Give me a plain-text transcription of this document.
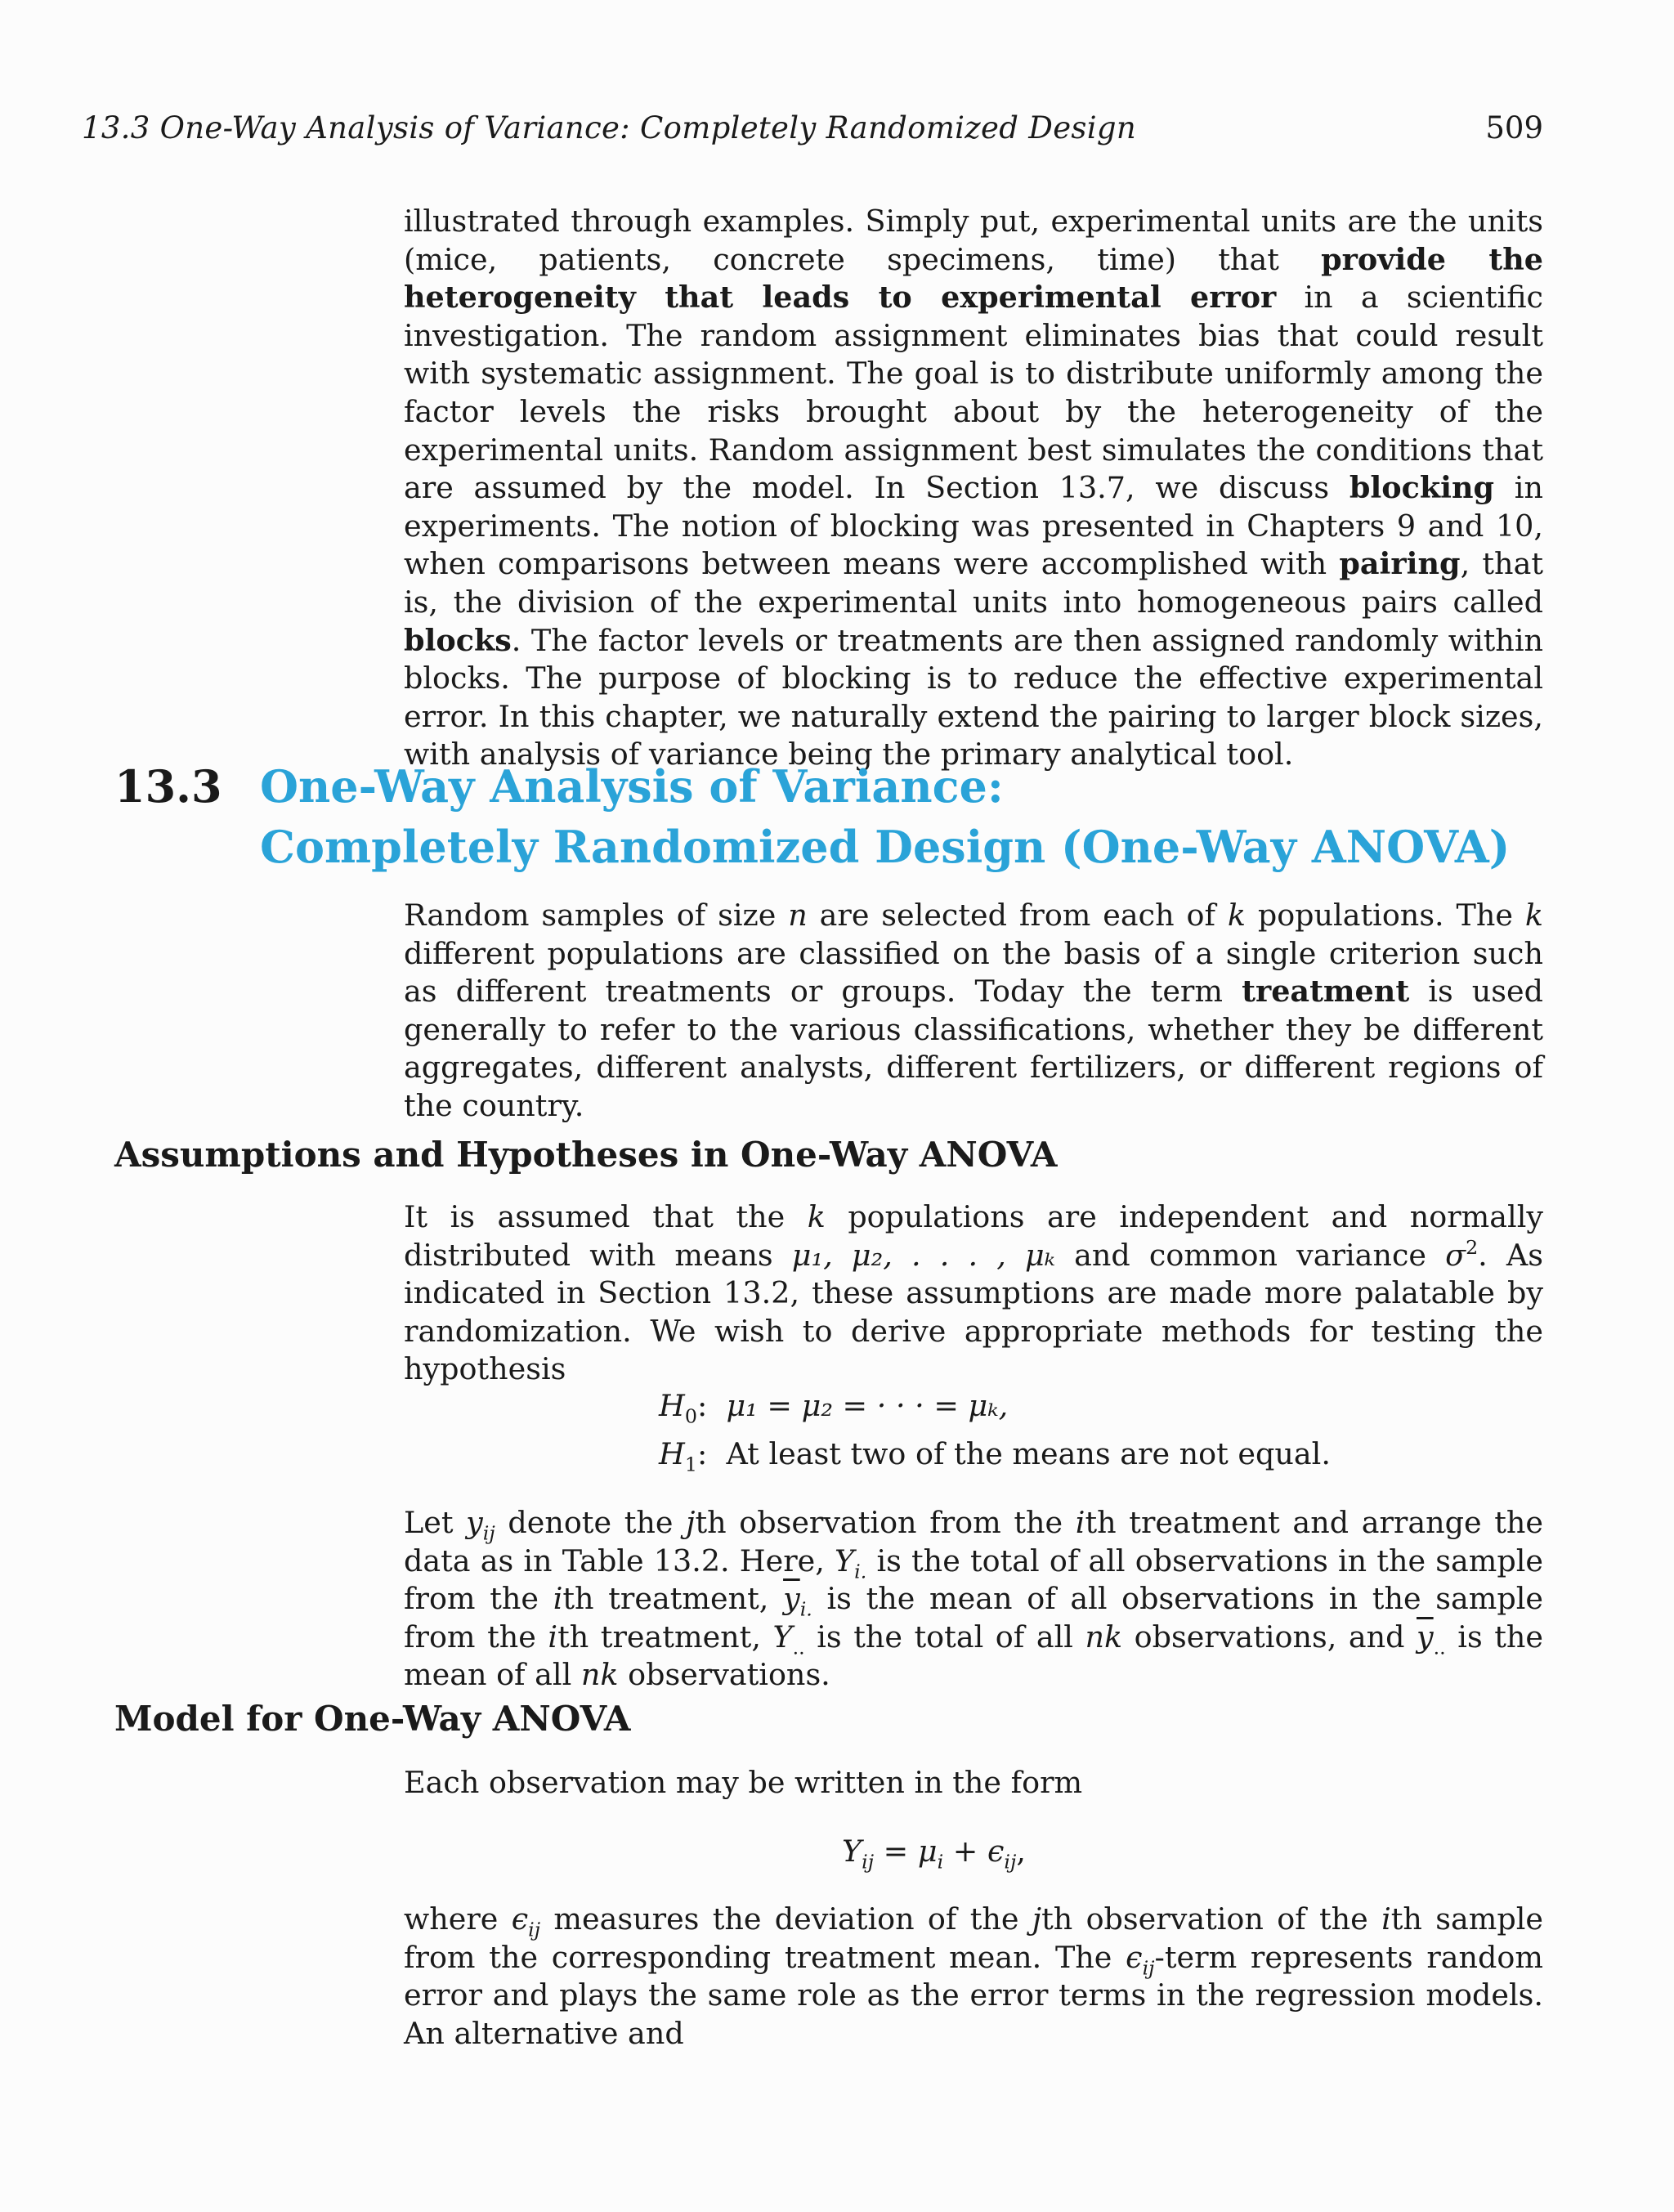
13.3 One-Way Analysis of Variance: Completely Randomized Design	509
illustrated through examples. Simply put, experimental units are the units (mice, patients, concrete specimens, time) that provide the heterogeneity that leads to experimental error in a scientific investigation. The random assignment eliminates bias that could result with systematic assignment. The goal is to distribute uniformly among the factor levels the risks brought about by the heterogeneity of the experimental units. Random assignment best simulates the conditions that are assumed by the model. In Section 13.7, we discuss blocking in experiments. The notion of blocking was presented in Chapters 9 and 10, when comparisons between means were accomplished with pairing, that is, the division of the experimental units into homogeneous pairs called blocks. The factor levels or treatments are then assigned randomly within blocks. The purpose of blocking is to reduce the effective experimental error. In this chapter, we naturally extend the pairing to larger block sizes, with analysis of variance being the primary analytical tool.
13.3 One-Way Analysis of Variance:
Completely Randomized Design (One-Way ANOVA)
Random samples of size n are selected from each of k populations. The k different populations are classified on the basis of a single criterion such as different treatments or groups. Today the term treatment is used generally to refer to the various classifications, whether they be different aggregates, different analysts, different fertilizers, or different regions of the country.
Assumptions and Hypotheses in One-Way ANOVA
It is assumed that the k populations are independent and normally distributed with means μ₁, μ₂, . . . , μₖ and common variance $\sigma^2$. As indicated in Section 13.2, these assumptions are made more palatable by randomization. We wish to derive appropriate methods for testing the hypothesis
$H_0$:  μ₁ = μ₂ = · · · = μₖ,
$H_1$:  At least two of the means are not equal.
Let $y_{ij}$ denote the jth observation from the ith treatment and arrange the data as in Table 13.2. Here, $Y_{i.}$ is the total of all observations in the sample from the ith treatment, $\overline{y}_{i.}$ is the mean of all observations in the sample from the ith treatment, $Y_{..}$ is the total of all nk observations, and $\overline{y}_{..}$ is the mean of all nk observations.
Model for One-Way ANOVA
Each observation may be written in the form
$Y_{ij} = \mu_i + \epsilon_{ij}$,
where $\epsilon_{ij}$ measures the deviation of the jth observation of the ith sample from the corresponding treatment mean. The $\epsilon_{ij}$-term represents random error and plays the same role as the error terms in the regression models. An alternative and
